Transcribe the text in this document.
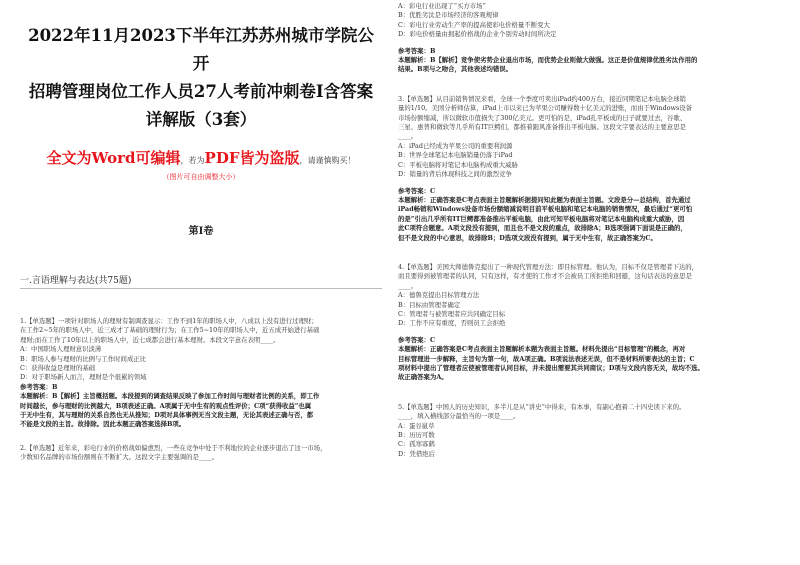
2022年11月2023下半年江苏苏州城市学院公开
招聘管理岗位工作人员27人考前冲刺卷Ⅰ含答案
详解版（3套）
全文为Word可编辑，若为PDF皆为盗版，请谨慎购买！
（图片可自由调整大小）
第I卷
一.言语理解与表达(共75题)

1.【单选题】一项针对职场人的理财有制调查显示：工作不到1年的职场人中，八成以上没有进行过理财；

在工作2~5年的职场人中，近三成才了基础的理财行为；在工作5~10年的职场人中，近五成开始进行基础

理财;而在工作了10年以上的职场人中，近七成都会进行基本理财。本段文字意在表明____。

A：中国职场人理财意识淡薄

B：职场人参与理财的比例与工作时间成正比

C：获得收益是理财的基础

D：对于职场新人而言，理财是个很累的领域

参考答案：B

本题解析：B【解析】主旨概括题。本段提到的调查结果反映了参加工作时间与理财者比例的关系，即工作

时间越长，参与理财的比例越大，B项表述正确。A项属于无中生有的观点性评价；C项“获得收益”也属

于无中生有，其与理财的关系自然也无从推知；D项对具体事例无当文段主题，无论其表述正确与否，都

不能是文段的主旨。故排除。因此本题正确答案选择B项。

2.【单选题】近年来，彩电行业的价格战如偏愈烈，一些在竞争中处于不利地位的企业逐步退出了这一市场，

少数知名品牌的市场份额则在不断扩大。这段文字主要强调的是____。

A：彩电行业出现了“买方市场”

B：优胜劣汰是市场经济的客观规律

C：彩电行业劳动生产率的提高使彩电价格量不断变大

D：彩电价格量由拥起价格战的企业个别劳动时间所决定

参考答案：B

本题解析：B【解析】竞争使劣势企业退出市场，而优势企业则做大做强。这正是价值规律优胜劣汰作用的

结果。B项与之吻合，其他表述均错误。

3.【单选题】从目前销售情况来看，全球一个季度可卖出iPad约400万台，接近同期笔记本电脑全球销

量的1/10。美国分析师估算，iPad上市以来已为苹果公司赚得数十亿美元的进账，而由于Windows设备

市场份额缩减，所以微软市值损失了300亿美元。更可怕的是，iPad孔平板成的日子就要过去，谷歌、

三星、惠普和微软等几乎所有IT巨鳄们，都推着跟风准备推出平板电脑。这段文字要表达的主要意思是

____。

A：iPad已经成为苹果公司的重要利润源

B：世界全球笔记本电脑销量仍落于iPad

C：平板电脑将对笔记本电脑构成重大威胁

D：销量的背后体现科技之间的激烈竞争

参考答案：C

本题解析：正确答案是C考点表面主旨题解析据提问知此题为表面主旨题。文段是分—总结构，首先通过

iPad畅销和Windows设备市场份额缩减说明目前平板电脑和笔记本电脑的销售情况，最后通过“更可怕

的是”引出几乎所有IT巨鳄都准备推出平板电脑，由此可知平板电脑将对笔记本电脑构成重大威胁，因

此C项符合题意。A项文段没有提到，而且也不是文段的重点，故排除A；B选项强调下面说是正确的，

但不是文段的中心意思，故排除B；D选项文段没有提到，属于无中生有，故正确答案为C。

4.【单选题】美国大师德鲁克提出了一种现代管理方法：即目标管理。他认为，目标不仅是管理者下达的，

而且要得到被管理者的认同，只有这样，有才使的工作才不会被员工所拒绝和回避，这句话表达的意思是

____。

A：德鲁克提出目标管理方法

B：目标由管理者确定

C：管理者与被管理者应共同确定目标

D：工作不应有重度，否则员工会拒绝

参考答案：C

本题解析：正确答案是C考点表面主旨题解析本题为表面主旨题。材料先提出“目标管理”的概念，再对

目标管理进一步解释，主旨句为第一句，故A项正确。B项说法表述无误，但不是材料所要表达的主旨；C

项材料中提出了管理者应使被管理者认同目标，并未提出需要其共同商议；D项与文段内容无关，故均不选。

故正确答案为A。

5.【单选题】中国人的历史知识，多半儿是从“讲史”中得来，有本事，有副心抱着二十四史读下来的。

____，填入横线部分最恰当的一项是____。

A：蛋谷鼠草

B：历历可数

C：孤寒寡鹤

D：凭借绝后
